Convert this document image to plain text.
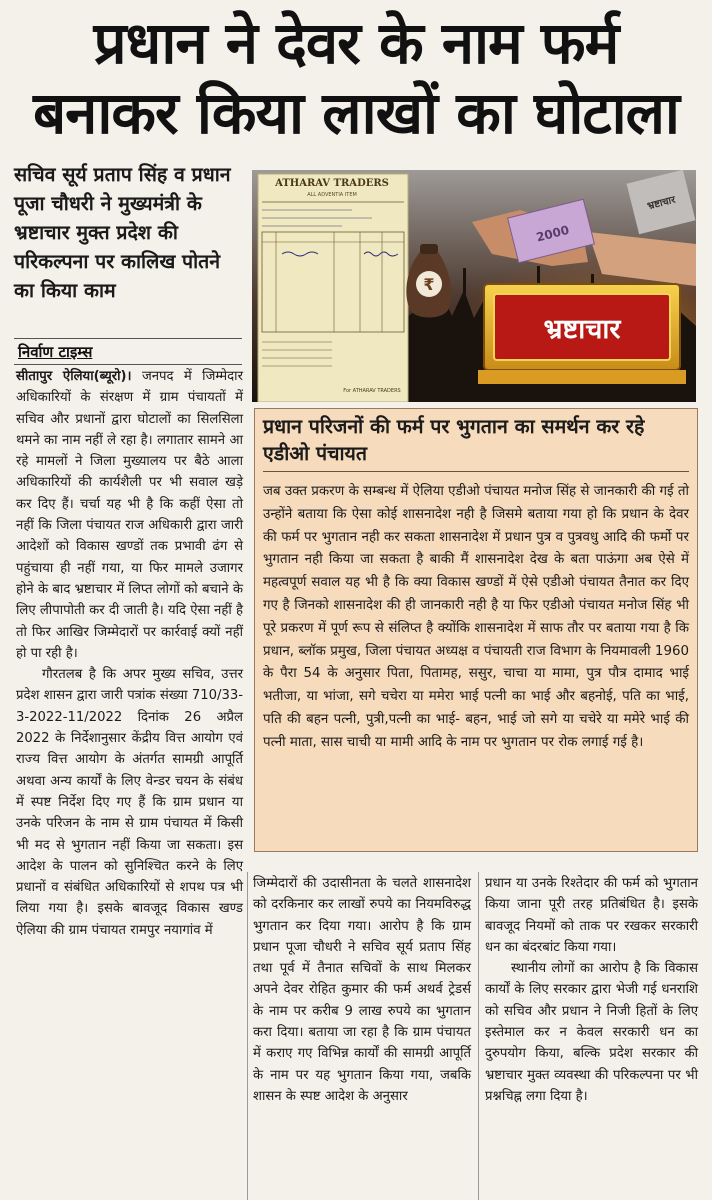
प्रधान ने देवर के नाम फर्म
बनाकर किया लाखों का घोटाला
सचिव सूर्य प्रताप सिंह व प्रधान पूजा चौधरी ने मुख्यमंत्री के भ्रष्टाचार मुक्त प्रदेश की परिकल्पना पर कालिख पोतने का किया काम
निर्वाण टाइम्स

सीतापुर ऐलिया(ब्यूरो)। जनपद में जिम्मेदार अधिकारियों के संरक्षण में ग्राम पंचायतों में सचिव और प्रधानों द्वारा घोटालों का सिलसिला थमने का नाम नहीं ले रहा है। लगातार सामने आ रहे मामलों ने जिला मुख्यालय पर बैठे आला अधिकारियों की कार्यशैली पर भी सवाल खड़े कर दिए हैं। चर्चा यह भी है कि कहीं ऐसा तो नहीं कि जिला पंचायत राज अधिकारी द्वारा जारी आदेशों को विकास खण्डों तक प्रभावी ढंग से पहुंचाया ही नहीं गया, या फिर मामले उजागर होने के बाद भ्रष्टाचार में लिप्त लोगों को बचाने के लिए लीपापोती कर दी जाती है। यदि ऐसा नहीं है तो फिर आखिर जिम्मेदारों पर कार्रवाई क्यों नहीं हो पा रही है।

गौरतलब है कि अपर मुख्य सचिव, उत्तर प्रदेश शासन द्वारा जारी पत्रांक संख्या 710/33-3-2022-11/2022 दिनांक 26 अप्रैल 2022 के निर्देशानुसार केंद्रीय वित्त आयोग एवं राज्य वित्त आयोग के अंतर्गत सामग्री आपूर्ति अथवा अन्य कार्यों के लिए वेन्डर चयन के संबंध में स्पष्ट निर्देश दिए गए हैं कि ग्राम प्रधान या उनके परिजन के नाम से ग्राम पंचायत में किसी भी मद से भुगतान नहीं किया जा सकता। इस आदेश के पालन को सुनिश्चित करने के लिए प्रधानों व संबंधित अधिकारियों से शपथ पत्र भी लिया गया है। इसके बावजूद विकास खण्ड ऐलिया की ग्राम पंचायत रामपुर नयागांव में

ATHARAV TRADERS
ALL ADVENTIA ITEM
For ATHARAV TRADERS
₹
2000
भ्रष्टाचार
भ्रष्टाचार
प्रधान परिजनों की फर्म पर भुगतान का समर्थन कर रहे एडीओ पंचायत
जब उक्त प्रकरण के सम्बन्ध में ऐलिया एडीओ पंचायत मनोज सिंह से जानकारी की गई तो उन्होंने बताया कि ऐसा कोई शासनादेश नही है जिसमे बताया गया हो कि प्रधान के देवर की फर्म पर भुगतान नही कर सकता शासनादेश में प्रधान पुत्र व पुत्रवधु आदि की फर्मो पर भुगतान नही किया जा सकता है बाकी मैं शासनादेश देख के बता पाऊंगा अब ऐसे में महत्वपूर्ण सवाल यह भी है कि क्या विकास खण्डों में ऐसे एडीओ पंचायत तैनात कर दिए गए है जिनको शासनादेश की ही जानकारी नही है या फिर एडीओ पंचायत मनोज सिंह भी पूरे प्रकरण में पूर्ण रूप से संलिप्त है क्योंकि शासनादेश में साफ तौर पर बताया गया है कि प्रधान, ब्लॉक प्रमुख, जिला पंचायत अध्यक्ष व पंचायती राज विभाग के नियमावली 1960 के पैरा 54 के अनुसार पिता, पितामह, ससुर, चाचा या मामा, पुत्र पौत्र दामाद भाई भतीजा, या भांजा, सगे चचेरा या ममेरा भाई पत्नी का भाई और बहनोई, पति का भाई, पति की बहन पत्नी, पुत्री,पत्नी का भाई- बहन, भाई जो सगे या चचेरे या ममेरे भाई की पत्नी माता, सास चाची या मामी आदि के नाम पर भुगतान पर रोक लगाई गई है।

जिम्मेदारों की उदासीनता के चलते शासनादेश को दरकिनार कर लाखों रुपये का नियमविरुद्ध भुगतान कर दिया गया। आरोप है कि ग्राम प्रधान पूजा चौधरी ने सचिव सूर्य प्रताप सिंह तथा पूर्व में तैनात सचिवों के साथ मिलकर अपने देवर रोहित कुमार की फर्म अथर्व ट्रेडर्स के नाम पर करीब 9 लाख रुपये का भुगतान करा दिया। बताया जा रहा है कि ग्राम पंचायत में कराए गए विभिन्न कार्यों की सामग्री आपूर्ति के नाम पर यह भुगतान किया गया, जबकि शासन के स्पष्ट आदेश के अनुसार

प्रधान या उनके रिश्तेदार की फर्म को भुगतान किया जाना पूरी तरह प्रतिबंधित है। इसके बावजूद नियमों को ताक पर रखकर सरकारी धन का बंदरबांट किया गया।

स्थानीय लोगों का आरोप है कि विकास कार्यों के लिए सरकार द्वारा भेजी गई धनराशि को सचिव और प्रधान ने निजी हितों के लिए इस्तेमाल कर न केवल सरकारी धन का दुरुपयोग किया, बल्कि प्रदेश सरकार की भ्रष्टाचार मुक्त व्यवस्था की परिकल्पना पर भी प्रश्नचिह्न लगा दिया है।
